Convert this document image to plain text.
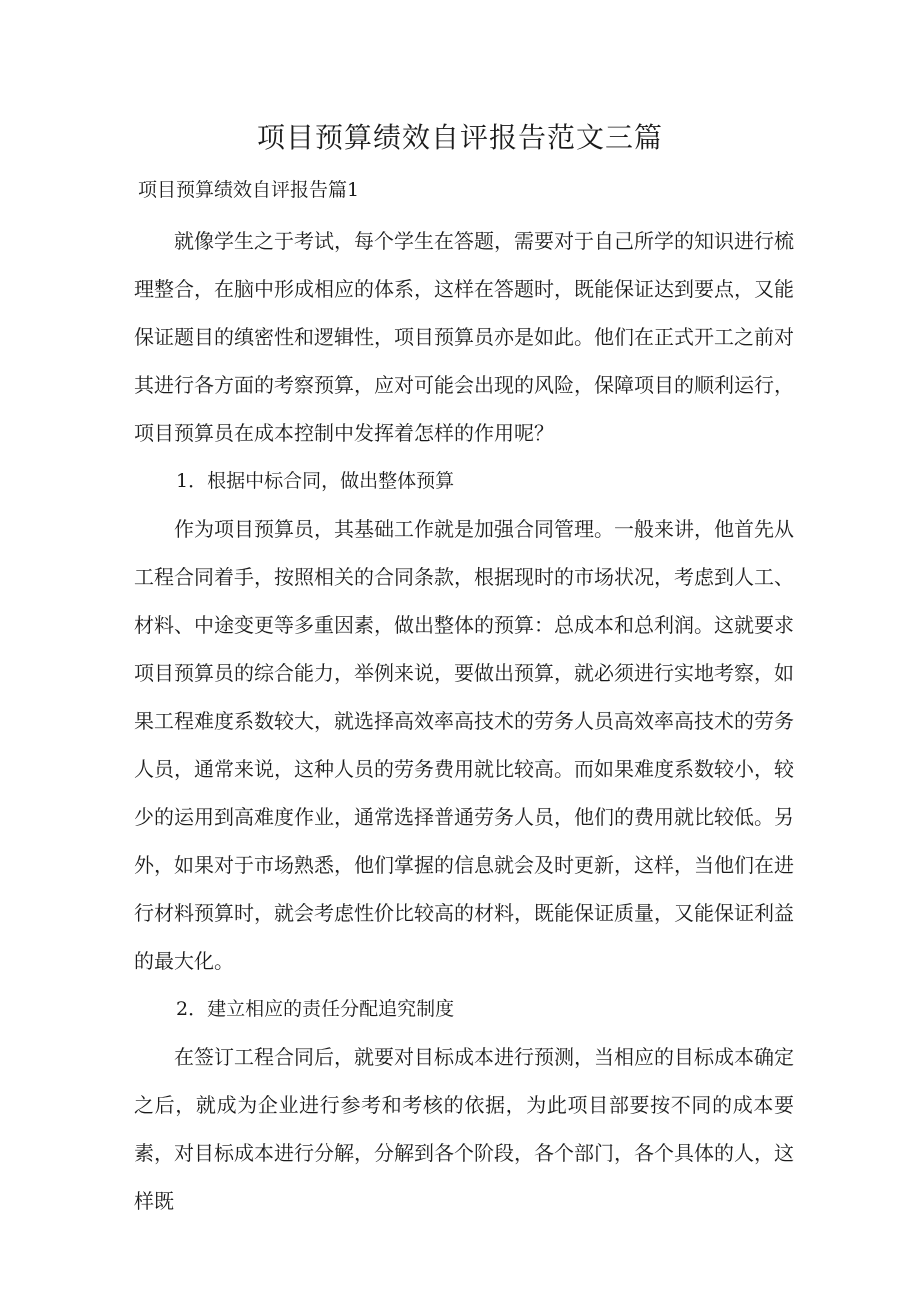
项目预算绩效自评报告范文三篇

项目预算绩效自评报告篇1

就像学生之于考试，每个学生在答题，需要对于自己所学的知识进行梳理整合，在脑中形成相应的体系，这样在答题时，既能保证达到要点，又能保证题目的缜密性和逻辑性，项目预算员亦是如此。他们在正式开工之前对其进行各方面的考察预算，应对可能会出现的风险，保障项目的顺利运行，项目预算员在成本控制中发挥着怎样的作用呢？

1．根据中标合同，做出整体预算

作为项目预算员，其基础工作就是加强合同管理。一般来讲，他首先从工程合同着手，按照相关的合同条款，根据现时的市场状况，考虑到人工、材料、中途变更等多重因素，做出整体的预算：总成本和总利润。这就要求项目预算员的综合能力，举例来说，要做出预算，就必须进行实地考察，如果工程难度系数较大，就选择高效率高技术的劳务人员高效率高技术的劳务人员，通常来说，这种人员的劳务费用就比较高。而如果难度系数较小，较少的运用到高难度作业，通常选择普通劳务人员，他们的费用就比较低。另外，如果对于市场熟悉，他们掌握的信息就会及时更新，这样，当他们在进行材料预算时，就会考虑性价比较高的材料，既能保证质量，又能保证利益的最大化。

2．建立相应的责任分配追究制度

在签订工程合同后，就要对目标成本进行预测，当相应的目标成本确定之后，就成为企业进行参考和考核的依据，为此项目部要按不同的成本要素，对目标成本进行分解，分解到各个阶段，各个部门，各个具体的人，这样既
